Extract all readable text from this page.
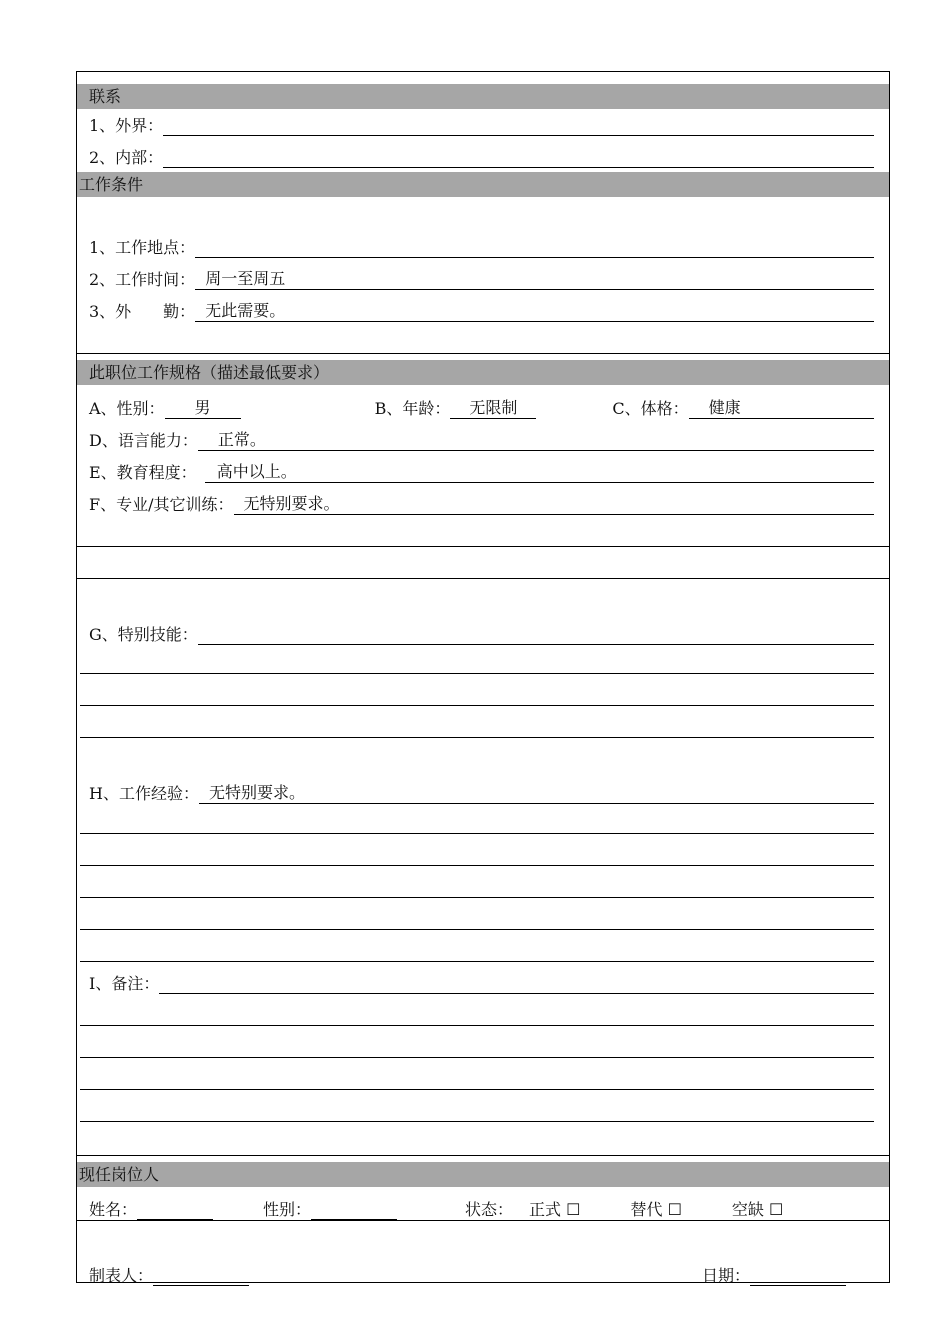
联系
1、外界：
2、内部：
工作条件
1、工作地点：
2、工作时间： 周一至周五
3、外　　勤： 无此需要。
此职位工作规格（描述最低要求）
A、性别：	男	B、年龄：	无限制	C、体格：	健康
D、语言能力：	正常。
E、教育程度：	高中以上。
F、专业/其它训练： 无特别要求。
G、特别技能：
H、工作经验： 无特别要求。
I、备注：
现任岗位人
姓名：	性别：	状态： 正式 ☐	替代 ☐	空缺 ☐
制表人：	日期：
